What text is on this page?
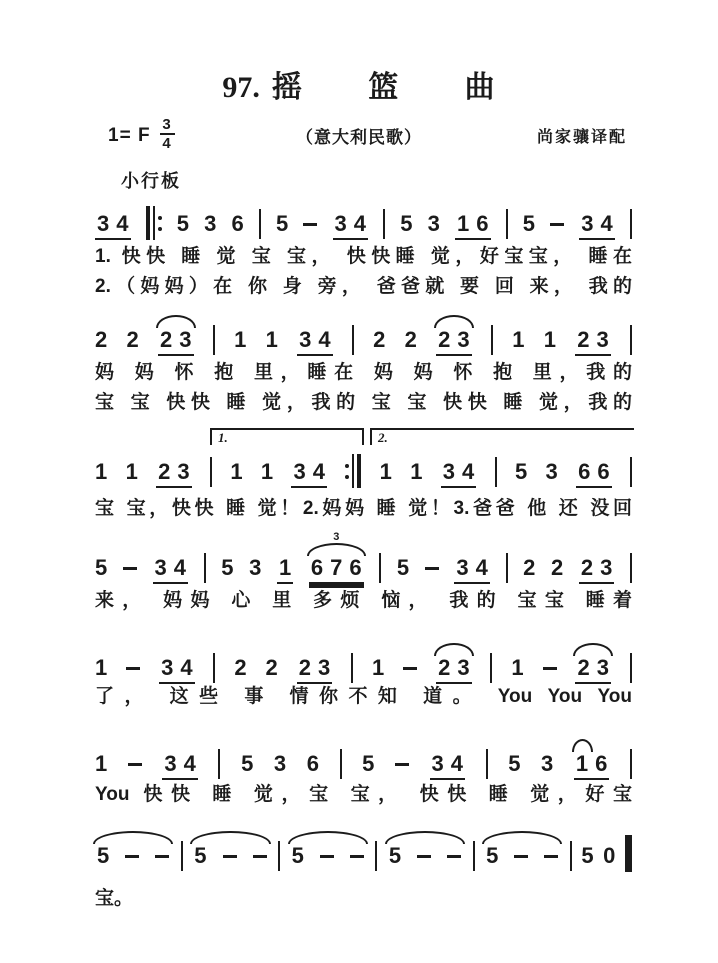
97. 摇 篮 曲
1= F $\frac{3}{4}$	（意大利民歌）	尚家骧译配
小行板
3 4 5 3 6 5 3 4 5 3 1 6 5 3 4
1. 快快 睡 觉 宝 宝， 快快睡 觉，好宝宝， 睡在
2.（妈妈）在 你 身 旁， 爸爸就 要 回 来， 我的
2 2 2 3 1 1 3 4 2 2 2 3 1 1 2 3
妈 妈 怀 抱 里，睡在 妈 妈 怀 抱 里，我的
宝 宝 快快 睡 觉，我的 宝 宝 快快 睡 觉，我的
1.	2.
1 1 2 3 1 1 3 4 1 1 3 4 5 3 6 6
宝 宝，快快 睡 觉！2.妈妈 睡 觉！3.爸爸 他 还 没回
5 3 4 5 3 1
3
6 7 6 5 3 4 2 2 2 3
来， 妈妈 心 里 多烦 恼， 我的 宝宝 睡着
1 3 4 2 2 2 3 1 2 3 1 2 3
了， 这些 事 情你不知 道。 You You You
1	3 4 5 3 6 5	3 4 5 3 1 6
You 快快 睡 觉，宝 宝， 快快 睡 觉，好宝
5	5	5	5	5	5 0
宝。
